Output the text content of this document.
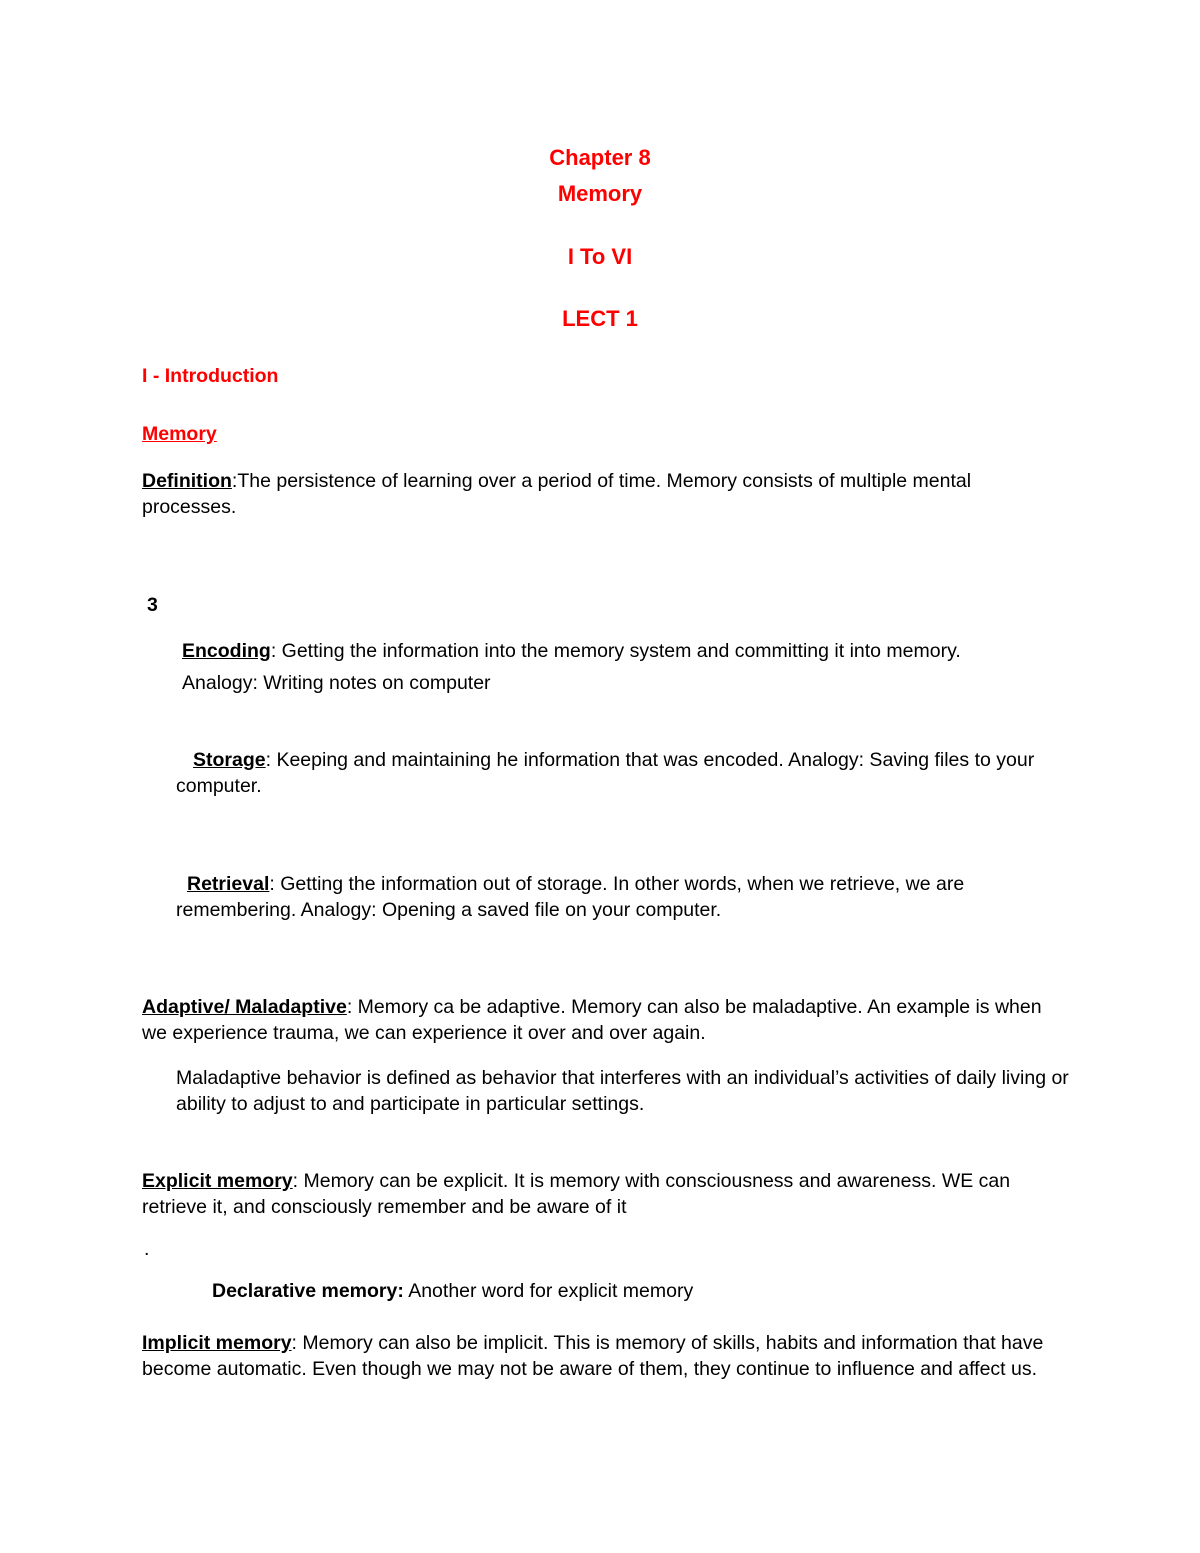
Chapter 8
Memory
I To VI
LECT 1
I - Introduction
Memory
Definition:The persistence of learning over a period of time. Memory consists of multiple mental processes.
3
Encoding: Getting the information into the memory system and committing it into memory.
Analogy: Writing notes on computer
Storage: Keeping and maintaining he information that was encoded. Analogy: Saving files to your computer.
Retrieval: Getting the information out of storage. In other words, when we retrieve, we are remembering. Analogy: Opening a saved file on your computer.
Adaptive/ Maladaptive: Memory ca be adaptive. Memory can also be maladaptive. An example is when we experience trauma, we can experience it over and over again.
Maladaptive behavior is defined as behavior that interferes with an individual’s activities of daily living or ability to adjust to and participate in particular settings.
Explicit memory: Memory can be explicit. It is memory with consciousness and awareness. WE can retrieve it, and consciously remember and be aware of it
.
Declarative memory: Another word for explicit memory
Implicit memory: Memory can also be implicit. This is memory of skills, habits and information that have become automatic. Even though we may not be aware of them, they continue to influence and affect us.
